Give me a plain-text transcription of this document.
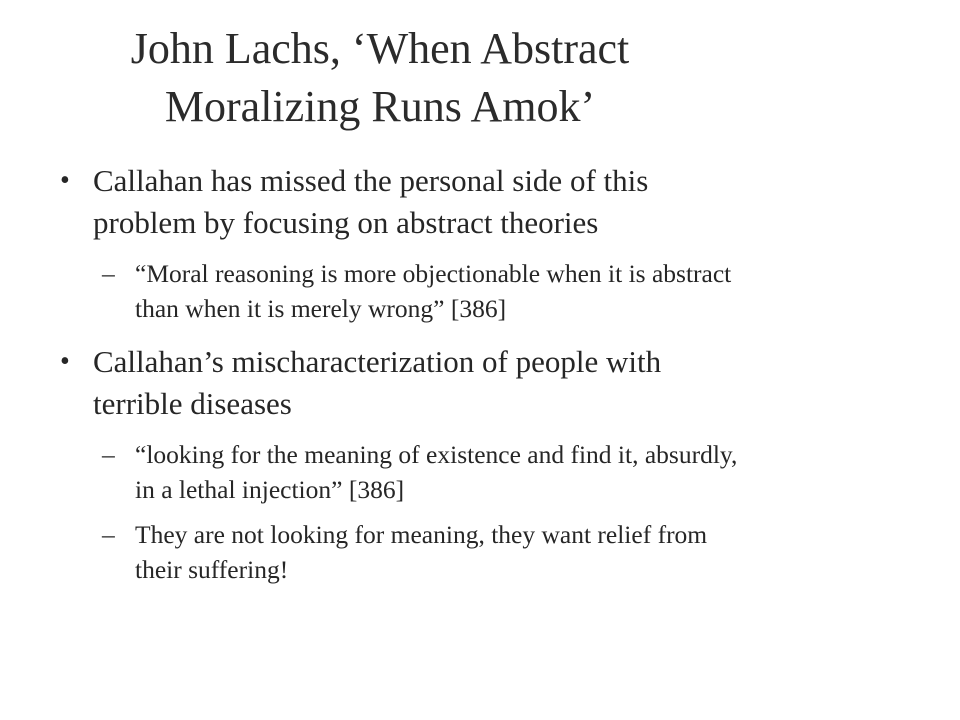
John Lachs, ‘When Abstract
Moralizing Runs Amok’
• Callahan has missed the personal side of this problem by focusing on abstract theories
– “Moral reasoning is more objectionable when it is abstract than when it is merely wrong” [386]
• Callahan’s mischaracterization of people with terrible diseases
– “looking for the meaning of existence and find it, absurdly, in a lethal injection” [386]
– They are not looking for meaning, they want relief from their suffering!
